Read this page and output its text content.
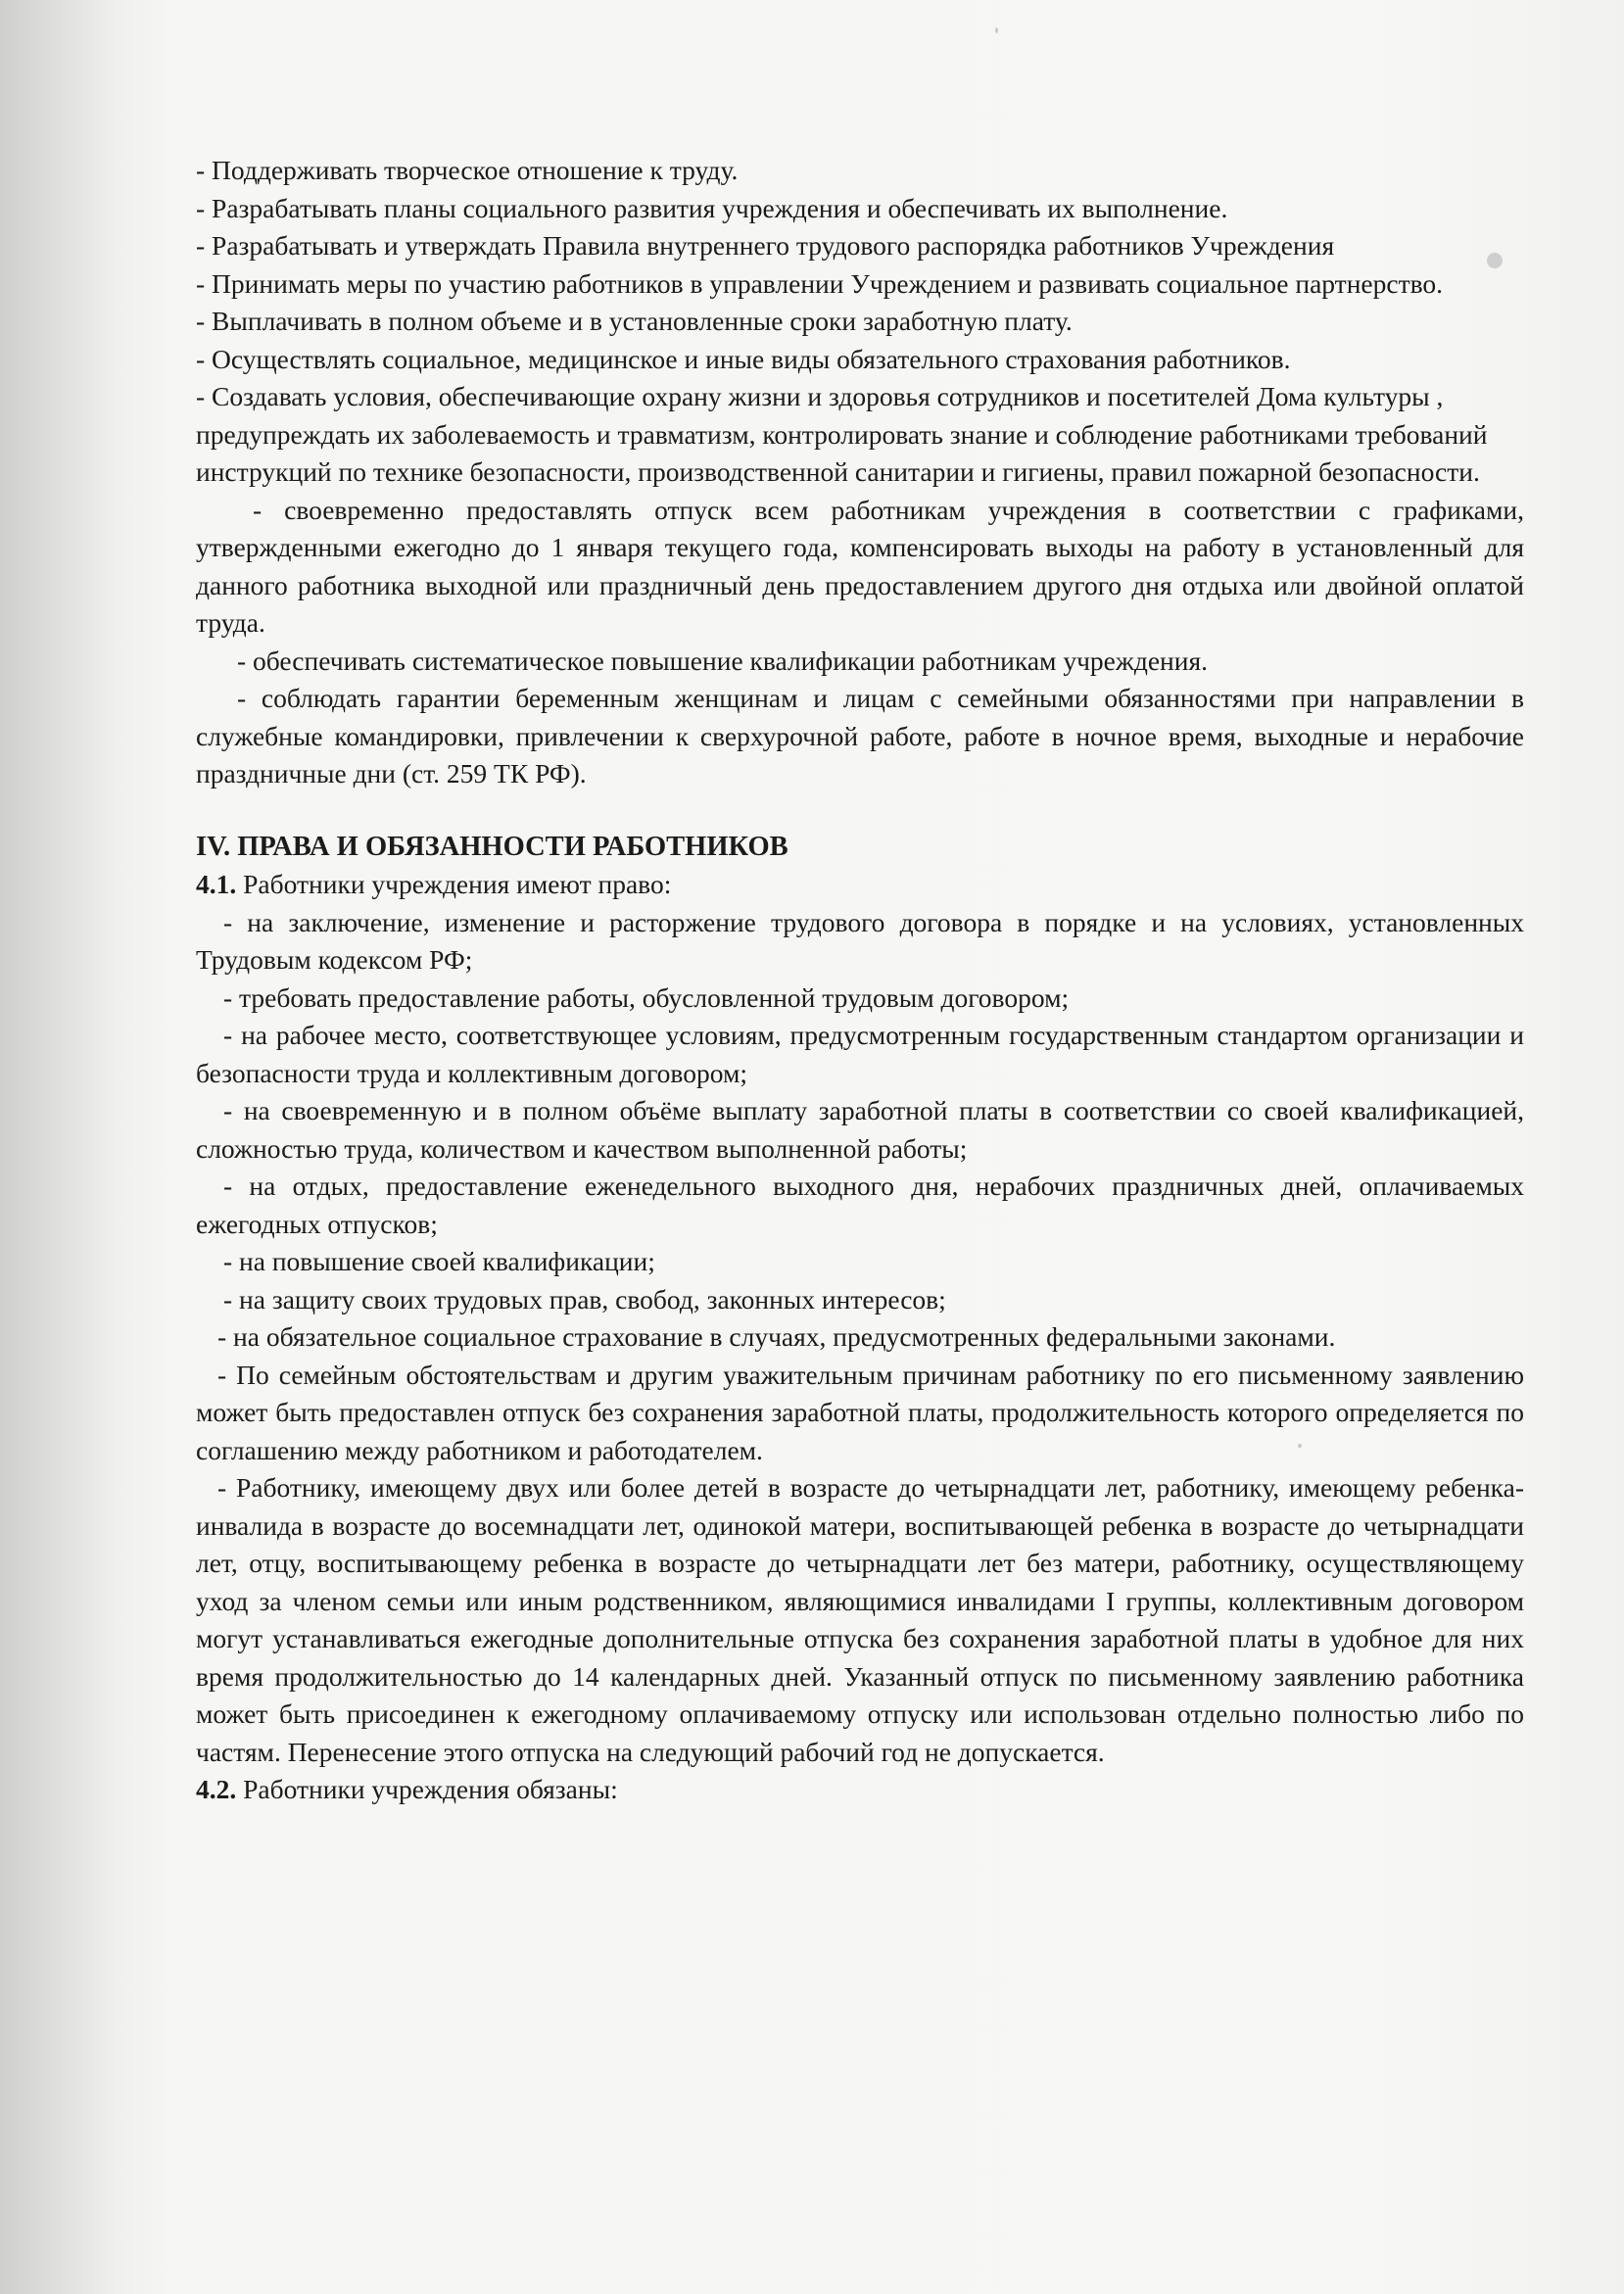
- Поддерживать творческое отношение к труду.

- Разрабатывать планы социального развития учреждения и обеспечивать их выполнение.

- Разрабатывать и утверждать Правила внутреннего трудового распорядка работников Учреждения

- Принимать меры по участию работников в управлении Учреждением и развивать социальное партнерство.

- Выплачивать в полном объеме и в установленные сроки заработную плату.

- Осуществлять социальное, медицинское и иные виды обязательного страхования работников.

- Создавать условия, обеспечивающие охрану жизни и здоровья сотрудников и посетителей Дома культуры , предупреждать их заболеваемость и травматизм, контролировать знание и соблюдение работниками требований инструкций по технике безопасности, производственной санитарии и гигиены, правил пожарной безопасности.

- своевременно предоставлять отпуск всем работникам учреждения в соответствии с графиками, утвержденными ежегодно до 1 января текущего года, компенсировать выходы на работу в установленный для данного работника выходной или праздничный день предоставлением другого дня отдыха или двойной оплатой труда.

- обеспечивать систематическое повышение квалификации работникам учреждения.

- соблюдать гарантии беременным женщинам и лицам с семейными обязанностями при направлении в служебные командировки, привлечении к сверхурочной работе, работе в ночное время, выходные и нерабочие праздничные дни (ст. 259 ТК РФ).

IV. ПРАВА И ОБЯЗАННОСТИ РАБОТНИКОВ

4.1. Работники учреждения имеют право:

- на заключение, изменение и расторжение трудового договора в порядке и на условиях, установленных Трудовым кодексом РФ;

- требовать предоставление работы, обусловленной трудовым договором;

- на рабочее место, соответствующее условиям, предусмотренным государственным стандартом организации и безопасности труда и коллективным договором;

- на своевременную и в полном объёме выплату заработной платы в соответствии со своей квалификацией, сложностью труда, количеством и качеством выполненной работы;

- на отдых, предоставление еженедельного выходного дня, нерабочих праздничных дней, оплачиваемых ежегодных отпусков;

- на повышение своей квалификации;

- на защиту своих трудовых прав, свобод, законных интересов;

- на обязательное социальное страхование в случаях, предусмотренных федеральными законами.

- По семейным обстоятельствам и другим уважительным причинам работнику по его письменному заявлению может быть предоставлен отпуск без сохранения заработной платы, продолжительность которого определяется по соглашению между работником и работодателем.

- Работнику, имеющему двух или более детей в возрасте до четырнадцати лет, работнику, имеющему ребенка-инвалида в возрасте до восемнадцати лет, одинокой матери, воспитывающей ребенка в возрасте до четырнадцати лет, отцу, воспитывающему ребенка в возрасте до четырнадцати лет без матери, работнику, осуществляющему уход за членом семьи или иным родственником, являющимися инвалидами I группы, коллективным договором могут устанавливаться ежегодные дополнительные отпуска без сохранения заработной платы в удобное для них время продолжительностью до 14 календарных дней. Указанный отпуск по письменному заявлению работника может быть присоединен к ежегодному оплачиваемому отпуску или использован отдельно полностью либо по частям. Перенесение этого отпуска на следующий рабочий год не допускается.

4.2. Работники учреждения обязаны:
